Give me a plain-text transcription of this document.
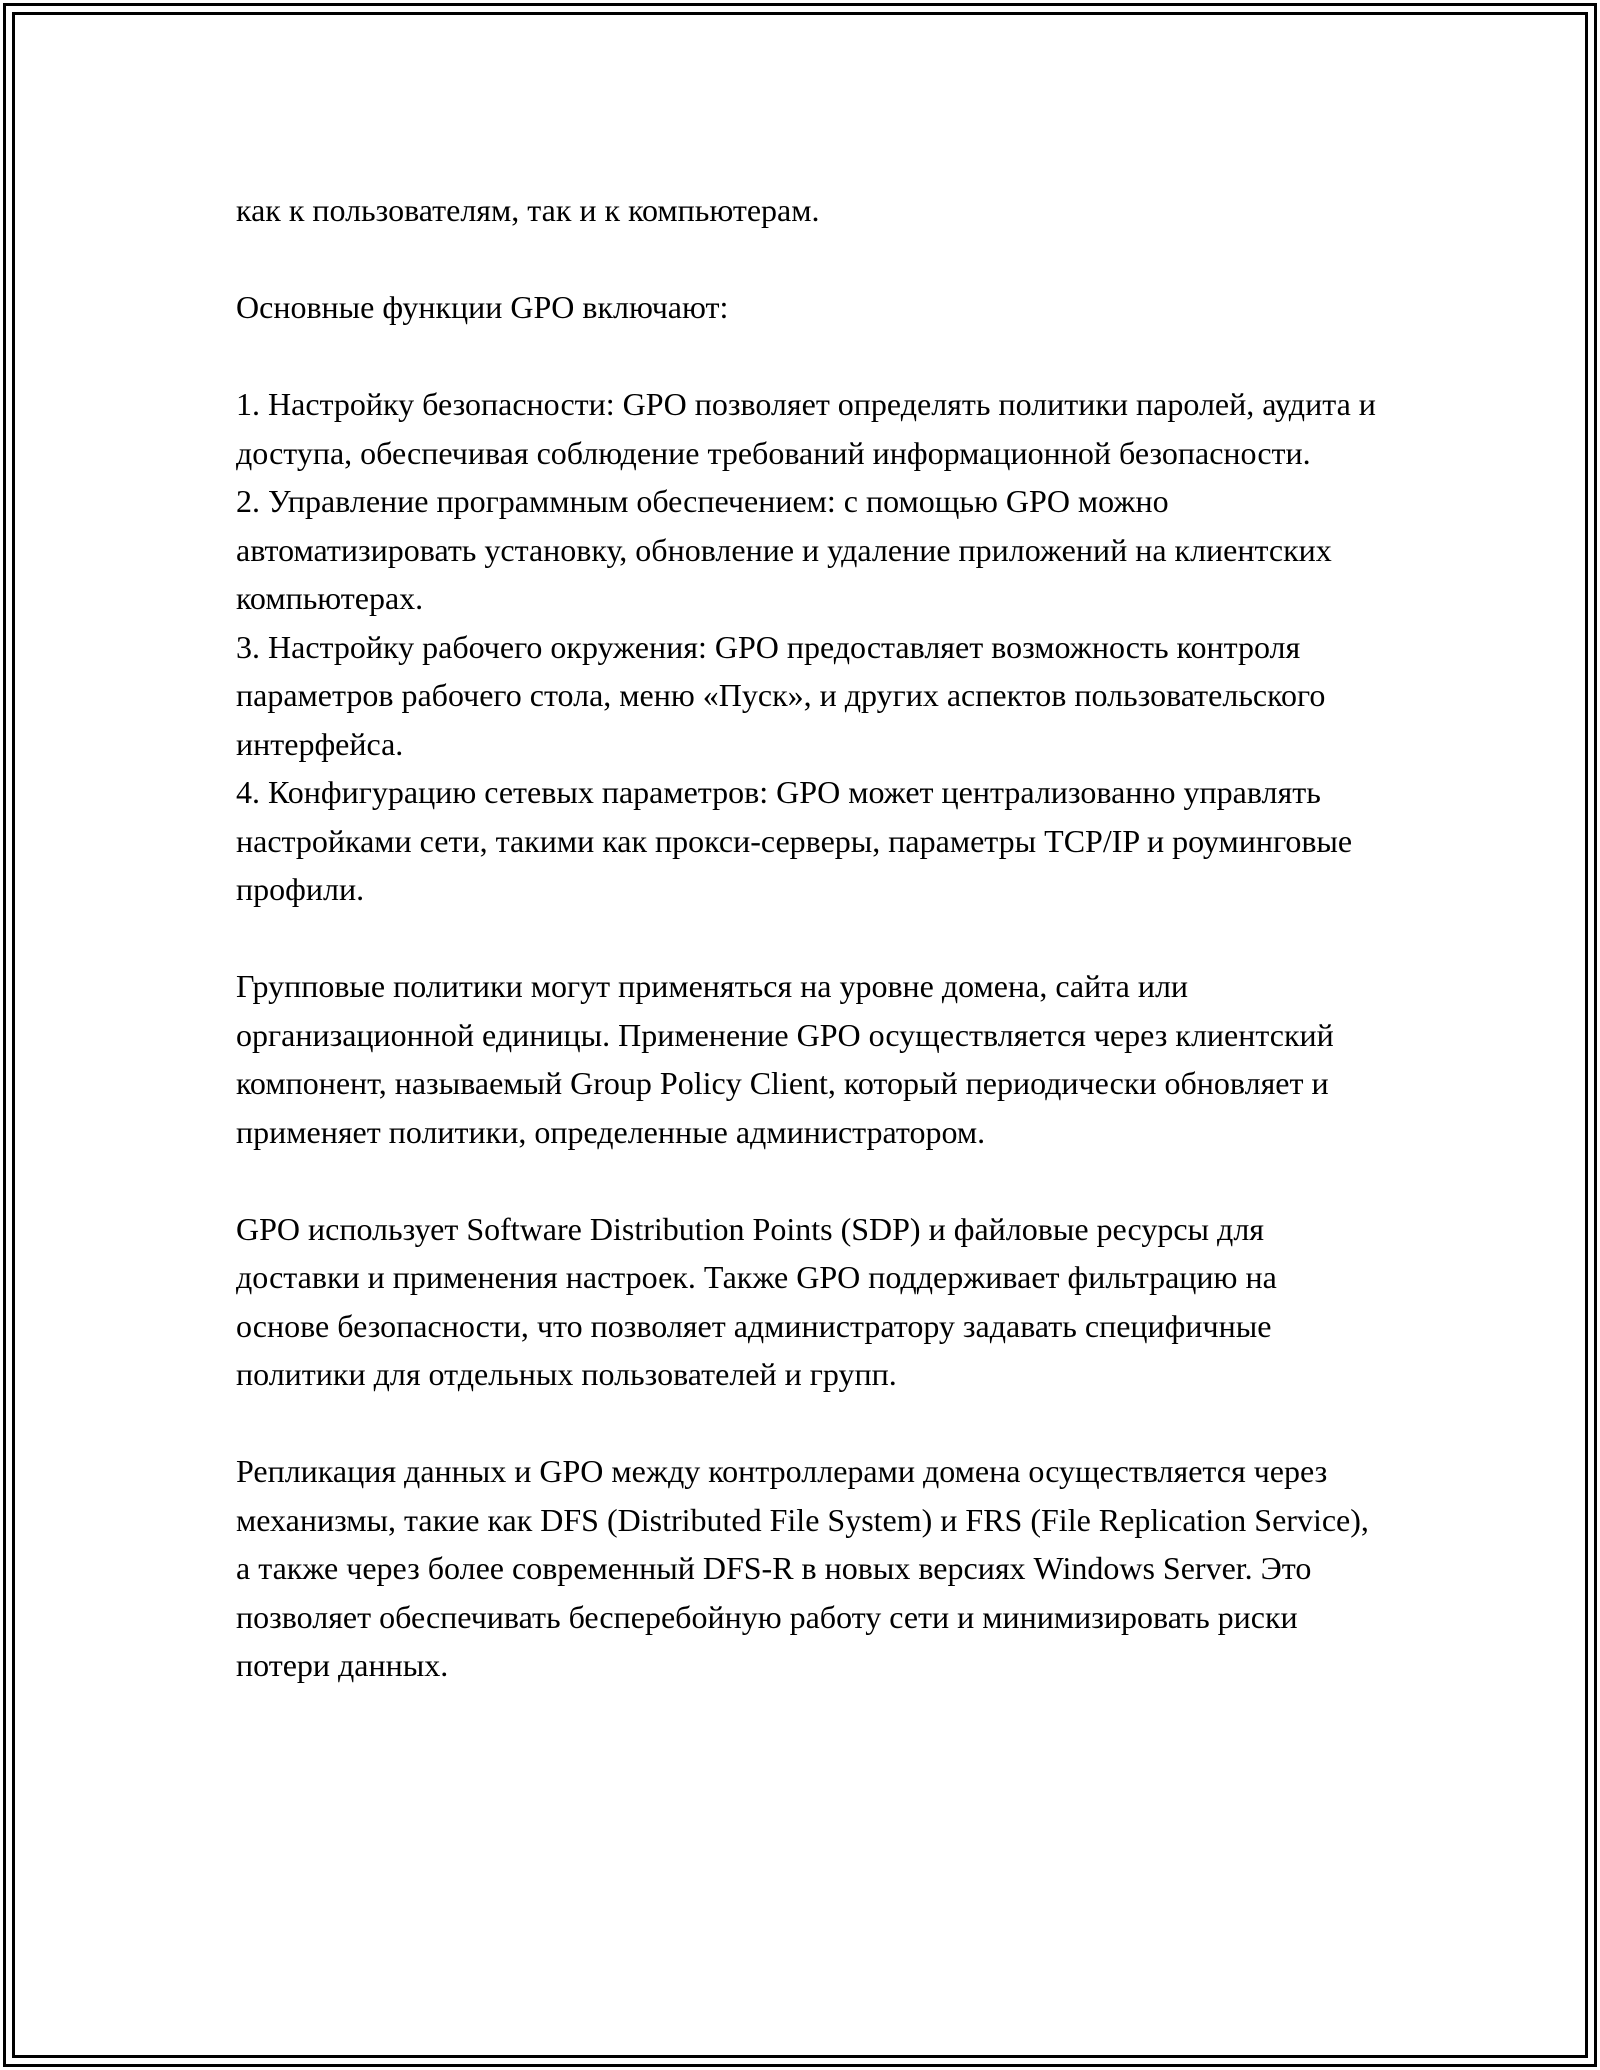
как к пользователям, так и к компьютерам.

Основные функции GPO включают:

1. Настройку безопасности: GPO позволяет определять политики паролей, аудита и доступа, обеспечивая соблюдение требований информационной безопасности.

2. Управление программным обеспечением: с помощью GPO можно автоматизировать установку, обновление и удаление приложений на клиентских компьютерах.

3. Настройку рабочего окружения: GPO предоставляет возможность контроля параметров рабочего стола, меню «Пуск», и других аспектов пользовательского интерфейса.

4. Конфигурацию сетевых параметров: GPO может централизованно управлять настройками сети, такими как прокси-серверы, параметры TCP/IP и роуминговые профили.

Групповые политики могут применяться на уровне домена, сайта или организационной единицы. Применение GPO осуществляется через клиентский компонент, называемый Group Policy Client, который периодически обновляет и применяет политики, определенные администратором.

GPO использует Software Distribution Points (SDP) и файловые ресурсы для доставки и применения настроек. Также GPO поддерживает фильтрацию на основе безопасности, что позволяет администратору задавать специфичные политики для отдельных пользователей и групп.

Репликация данных и GPO между контроллерами домена осуществляется через механизмы, такие как DFS (Distributed File System) и FRS (File Replication Service), а также через более современный DFS-R в новых версиях Windows Server. Это позволяет обеспечивать бесперебойную работу сети и минимизировать риски потери данных.
